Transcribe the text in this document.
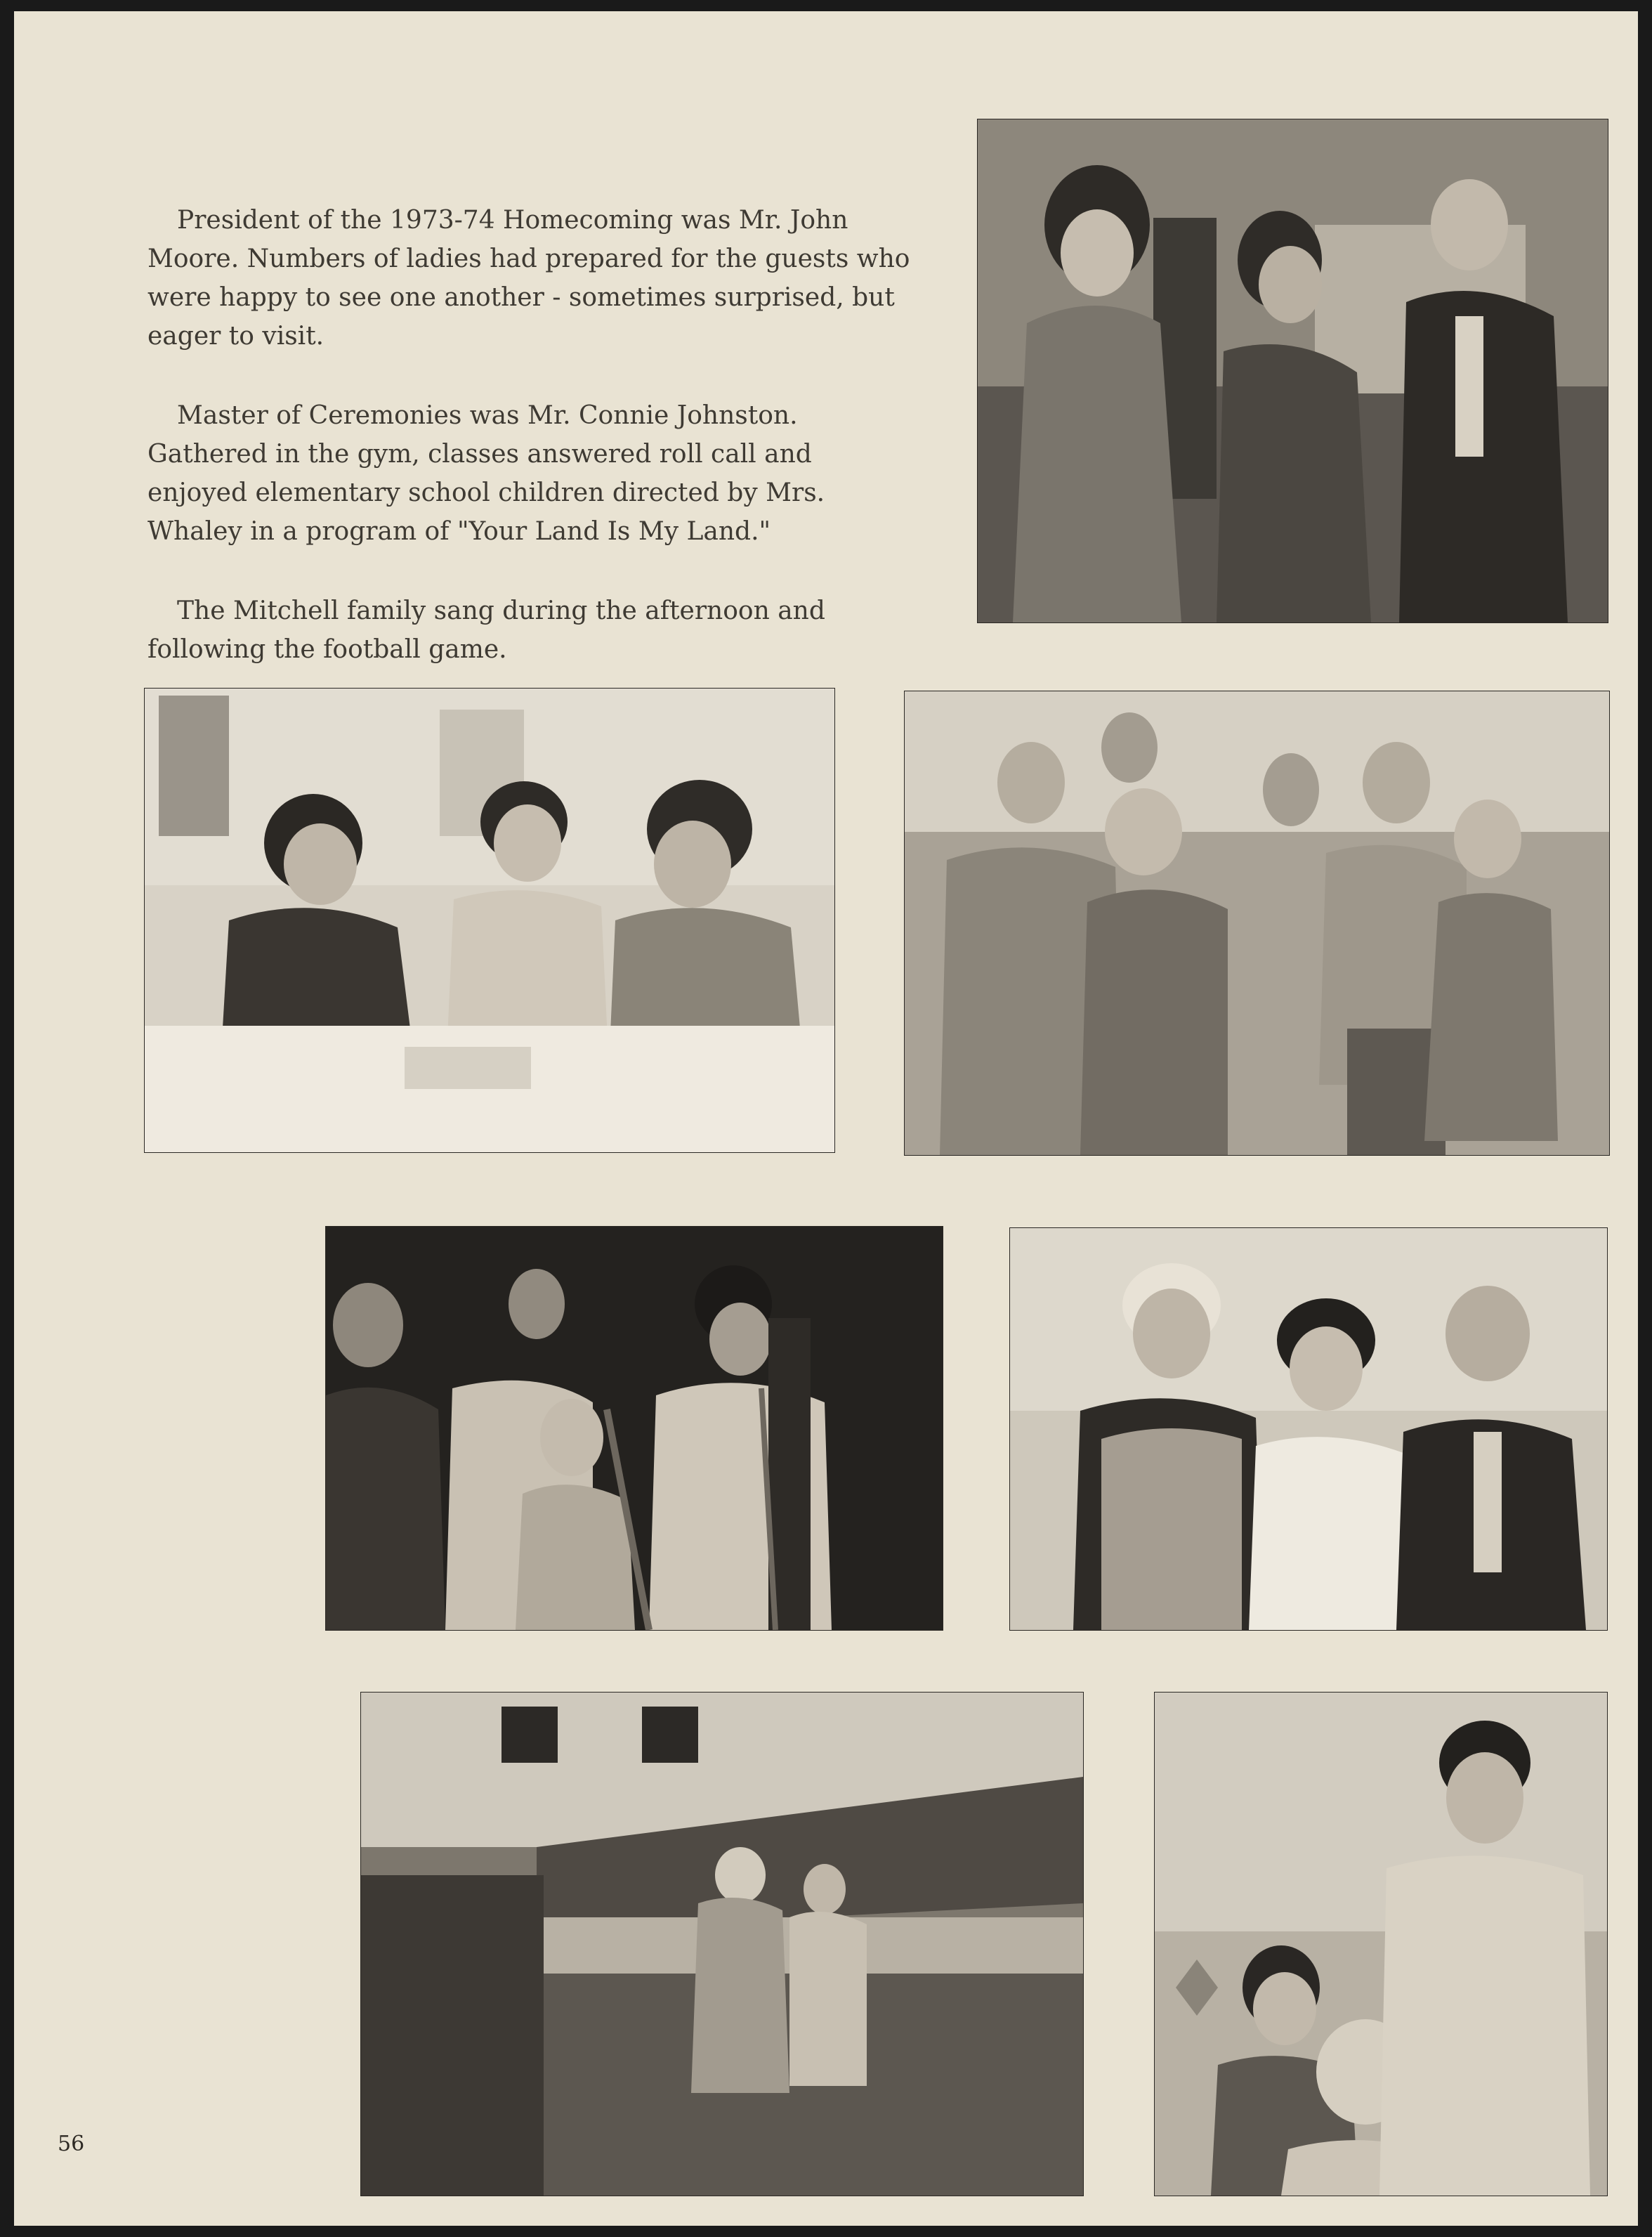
President of the 1973-74 Homecoming was Mr. John Moore. Numbers of ladies had prepared for the guests who were happy to see one another - sometimes surprised, but eager to visit.

Master of Ceremonies was Mr. Connie Johnston. Gathered in the gym, classes answered roll call and enjoyed elementary school children directed by Mrs. Whaley in a program of "Your Land Is My Land."

The Mitchell family sang during the afternoon and following the football game.

56
